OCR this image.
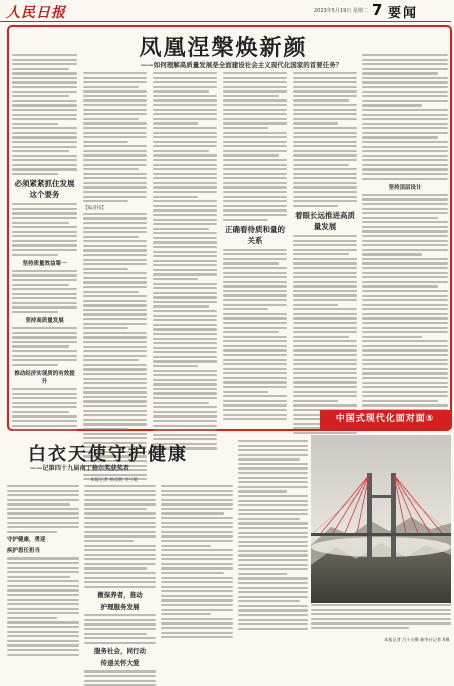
人民日报	2023年5月19日 星期二 7 要闻
凤凰涅槃焕新颜
——如何理解高质量发展是全面建设社会主义现代化国家的首要任务？
必须紧紧抓住发展这个要务
坚持质量效益第一
坚持高质量发展
推动经济实现质的有效提升
【编者按】
正确看待质和量的关系
着眼长远推进高质量发展
坚持顶层设计
中国式现代化面对面⑤
白衣天使守护健康
——记第四十九届南丁格尔奖获奖者
本报记者 杨彦帆 李子航
守护健康，勇迎
疾护患任担当
微保养者，推动
护理服务发展
服务社会，同行动
传递关怀大爱
本报记者 吕小川摄 新华社记者 X摄
